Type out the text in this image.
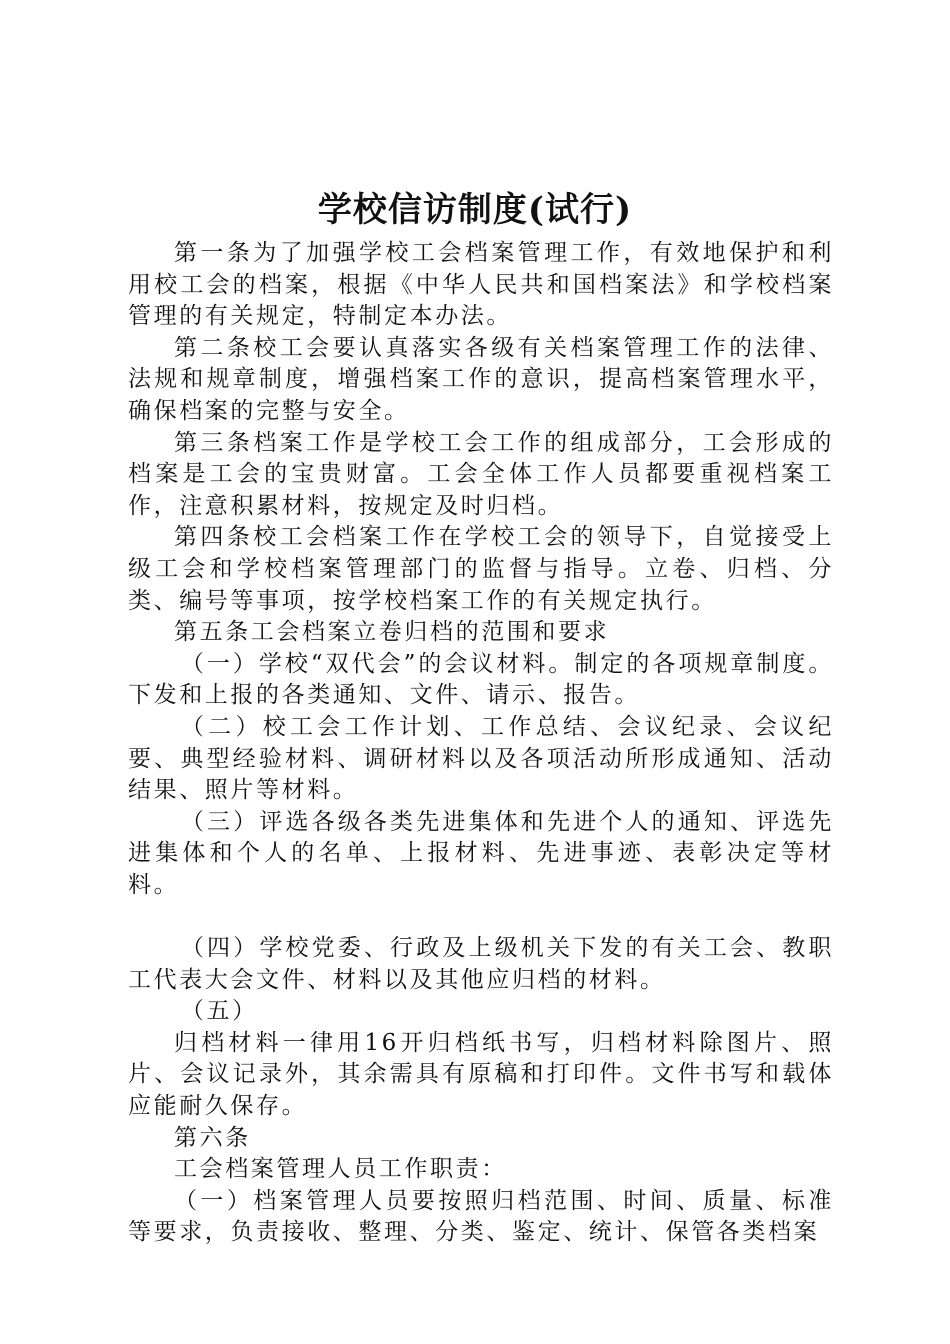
学校信访制度(试行)

第一条为了加强学校工会档案管理工作，有效地保护和利用校工会的档案，根据《中华人民共和国档案法》和学校档案管理的有关规定，特制定本办法。

第二条校工会要认真落实各级有关档案管理工作的法律、法规和规章制度，增强档案工作的意识，提高档案管理水平，确保档案的完整与安全。

第三条档案工作是学校工会工作的组成部分，工会形成的档案是工会的宝贵财富。工会全体工作人员都要重视档案工作，注意积累材料，按规定及时归档。

第四条校工会档案工作在学校工会的领导下，自觉接受上级工会和学校档案管理部门的监督与指导。立卷、归档、分类、编号等事项，按学校档案工作的有关规定执行。

第五条工会档案立卷归档的范围和要求

（一）学校“双代会”的会议材料。制定的各项规章制度。下发和上报的各类通知、文件、请示、报告。

（二）校工会工作计划、工作总结、会议纪录、会议纪要、典型经验材料、调研材料以及各项活动所形成通知、活动结果、照片等材料。

（三）评选各级各类先进集体和先进个人的通知、评选先进集体和个人的名单、上报材料、先进事迹、表彰决定等材料。

（四）学校党委、行政及上级机关下发的有关工会、教职工代表大会文件、材料以及其他应归档的材料。

（五）

归档材料一律用16开归档纸书写，归档材料除图片、照片、会议记录外，其余需具有原稿和打印件。文件书写和载体应能耐久保存。

第六条

工会档案管理人员工作职责：

（一）档案管理人员要按照归档范围、时间、质量、标准等要求，负责接收、整理、分类、鉴定、统计、保管各类档案
